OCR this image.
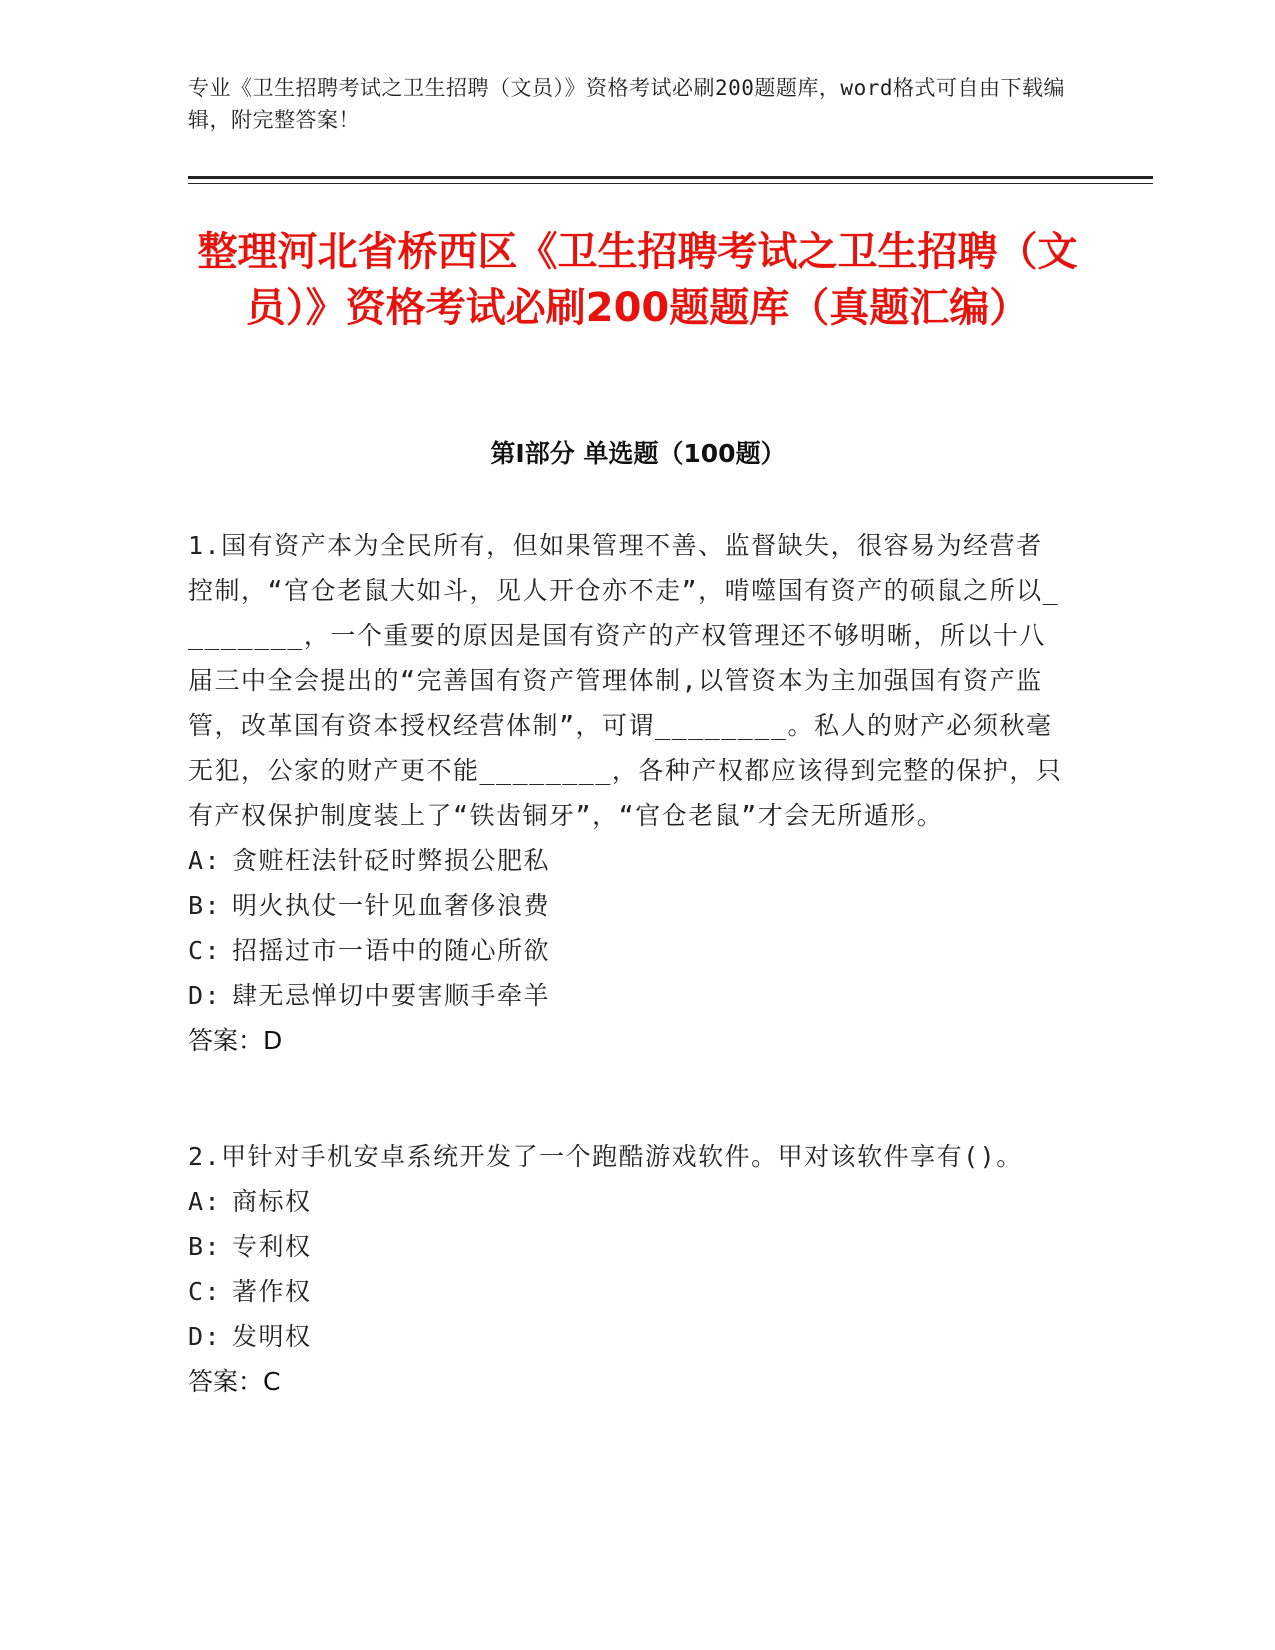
专业《卫生招聘考试之卫生招聘（文员）》资格考试必刷200题题库，word格式可自由下载编辑，附完整答案！
整理河北省桥西区《卫生招聘考试之卫生招聘（文员）》资格考试必刷200题题库（真题汇编）
第Ⅰ部分 单选题（100题）

1.国有资产本为全民所有，但如果管理不善、监督缺失，很容易为经营者控制，“官仓老鼠大如斗，见人开仓亦不走”，啃噬国有资产的硕鼠之所以________，一个重要的原因是国有资产的产权管理还不够明晰，所以十八届三中全会提出的“完善国有资产管理体制,以管资本为主加强国有资产监管，改革国有资本授权经营体制”，可谓________。私人的财产必须秋毫无犯，公家的财产更不能________，各种产权都应该得到完整的保护，只有产权保护制度装上了“铁齿铜牙”，“官仓老鼠”才会无所遁形。

A: 贪赃枉法针砭时弊损公肥私

B: 明火执仗一针见血奢侈浪费

C: 招摇过市一语中的随心所欲

D: 肆无忌惮切中要害顺手牵羊

答案：D

2.甲针对手机安卓系统开发了一个跑酷游戏软件。甲对该软件享有()。

A: 商标权

B: 专利权

C: 著作权

D: 发明权

答案：C
